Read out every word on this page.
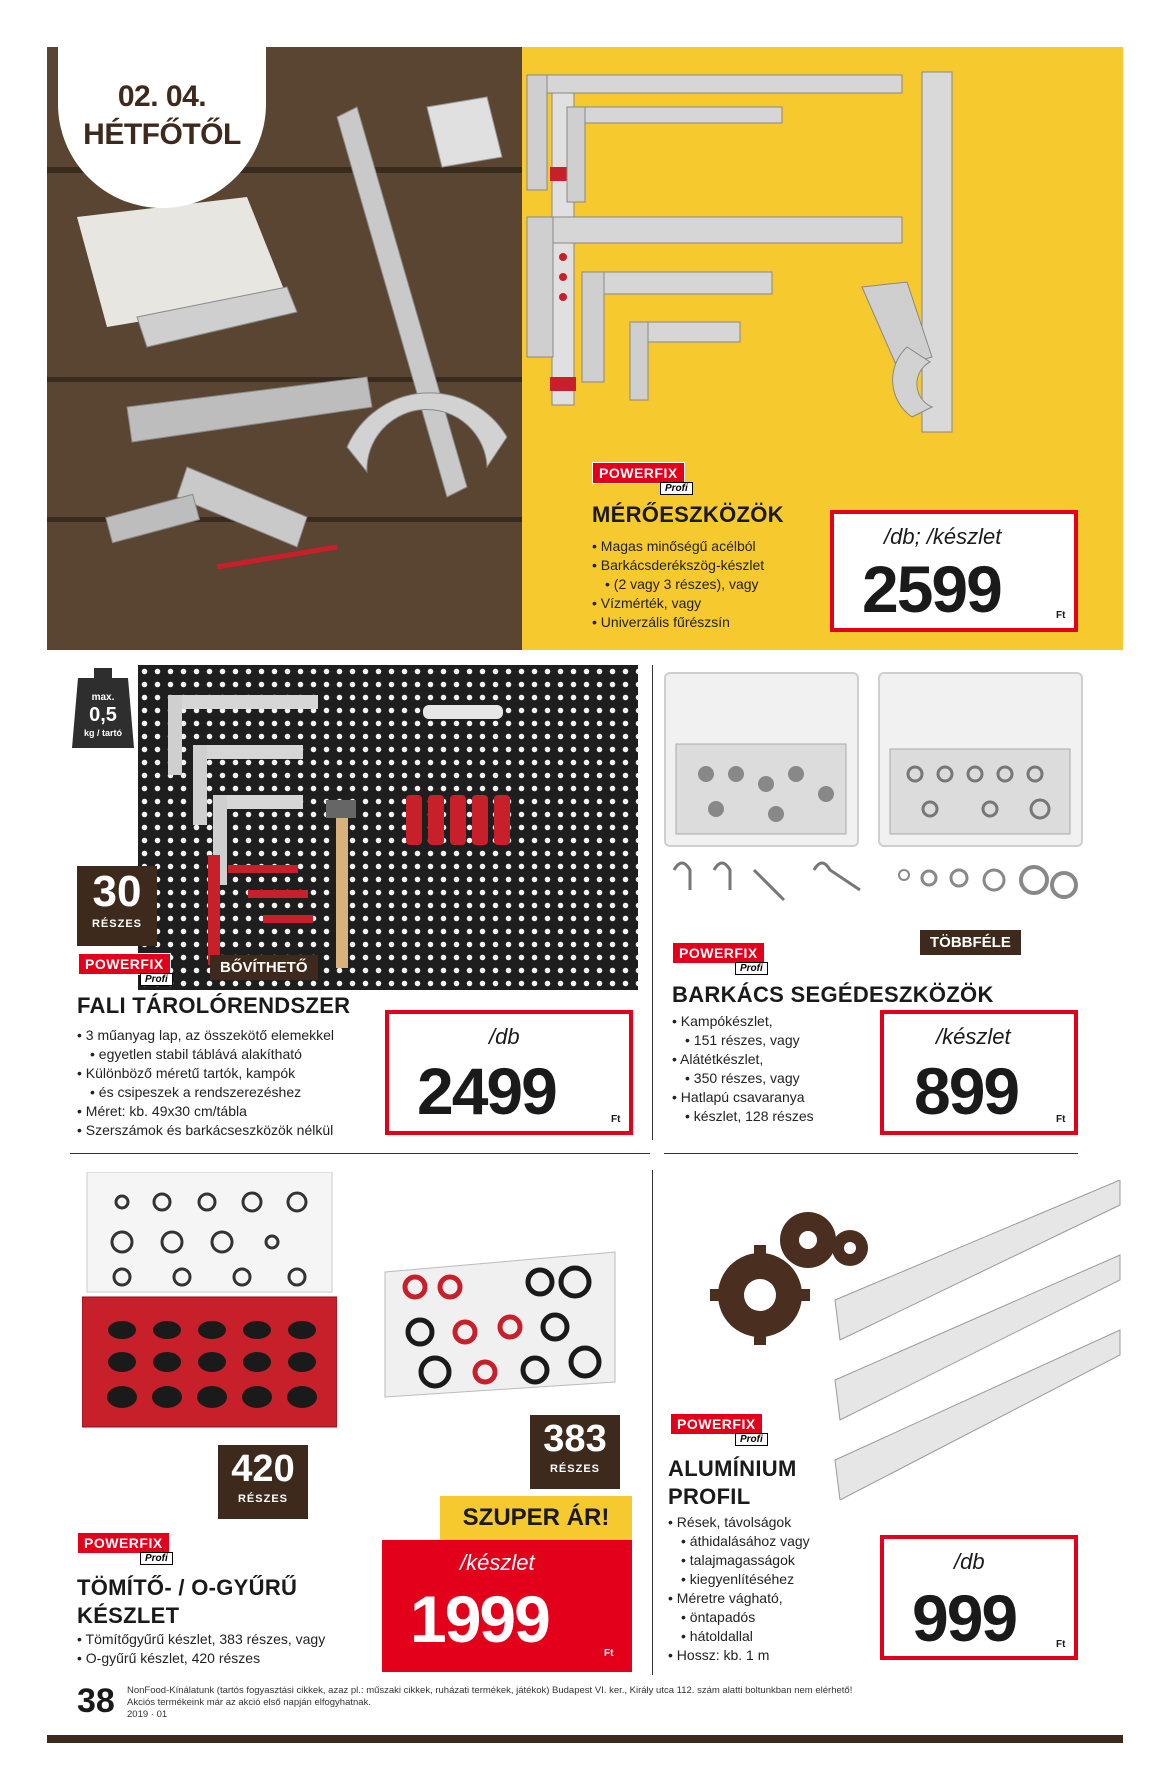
02. 04.
HÉTFŐTŐL
POWERFIX
Profi
MÉRŐESZKÖZÖK
• Magas minőségű acélból
• Barkácsderékszög-készlet
• (2 vagy 3 részes), vagy
• Vízmérték, vagy
• Univerzális fűrészsín
/db; /készlet
2599	Ft
max.
0,5
kg / tartó
30
RÉSZES
POWERFIX
Profi
BŐVÍTHETŐ
FALI TÁROLÓRENDSZER
• 3 műanyag lap, az összekötő elemekkel
• egyetlen stabil táblává alakítható
• Különböző méretű tartók, kampók
• és csipeszek a rendszerezéshez
• Méret: kb. 49x30 cm/tábla
• Szerszámok és barkácseszközök nélkül
/db
2499	Ft
TÖBBFÉLE
POWERFIX
Profi
BARKÁCS SEGÉDESZKÖZÖK
• Kampókészlet,
• 151 részes, vagy
• Alátétkészlet,
• 350 részes, vagy
• Hatlapú csavaranya
• készlet, 128 részes
/készlet
899	Ft
420
RÉSZES
383
RÉSZES
SZUPER ÁR!
/készlet
1999	Ft
POWERFIX
Profi
TÖMÍTŐ- / O-GYŰRŰ
KÉSZLET
• Tömítőgyűrű készlet, 383 részes, vagy
• O-gyűrű készlet, 420 részes
POWERFIX
Profi
ALUMÍNIUM
PROFIL
• Rések, távolságok
• áthidalásához vagy
• talajmagasságok
• kiegyenlítéséhez
• Méretre vágható,
• öntapadós
• hátoldallal
• Hossz: kb. 1 m
/db
999	Ft
38 NonFood-Kínálatunk (tartós fogyasztási cikkek, azaz pl.: műszaki cikkek, ruházati termékek, játékok) Budapest VI. ker., Király utca 112. szám alatti boltunkban nem elérhető!
Akciós termékeink már az akció első napján elfogyhatnak.
2019 · 01
